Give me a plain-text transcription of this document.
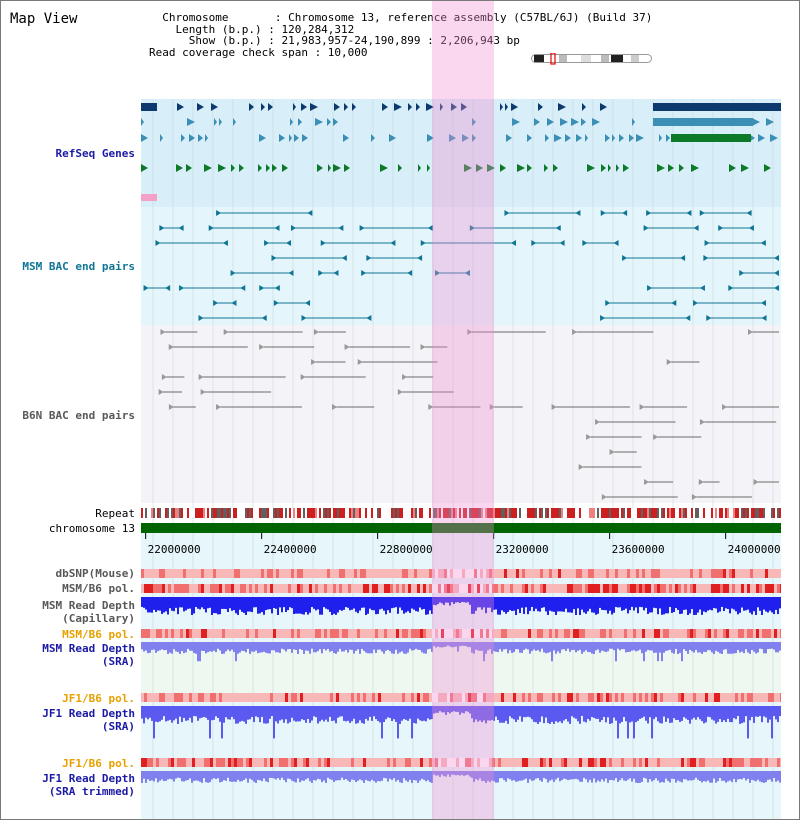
Map View	Chromosome       : Chromosome 13, reference assembly (C57BL/6J) (Build 37)
Length (b.p.) : 120,284,312
Show (b.p.) : 21,983,957-24,190,899 : 2,206,943 bp
Read coverage check span : 10,000
RefSeq Genes
MSM BAC end pairs
B6N BAC end pairs
Repeat
chromosome 13
dbSNP(Mouse)
MSM/B6 pol.
MSM Read Depth
(Capillary)
MSM/B6 pol.
MSM Read Depth
(SRA)
JF1/B6 pol.
JF1 Read Depth
(SRA)
JF1/B6 pol.
JF1 Read Depth
(SRA trimmed)
22000000	22400000	22800000	23200000	23600000	24000000
